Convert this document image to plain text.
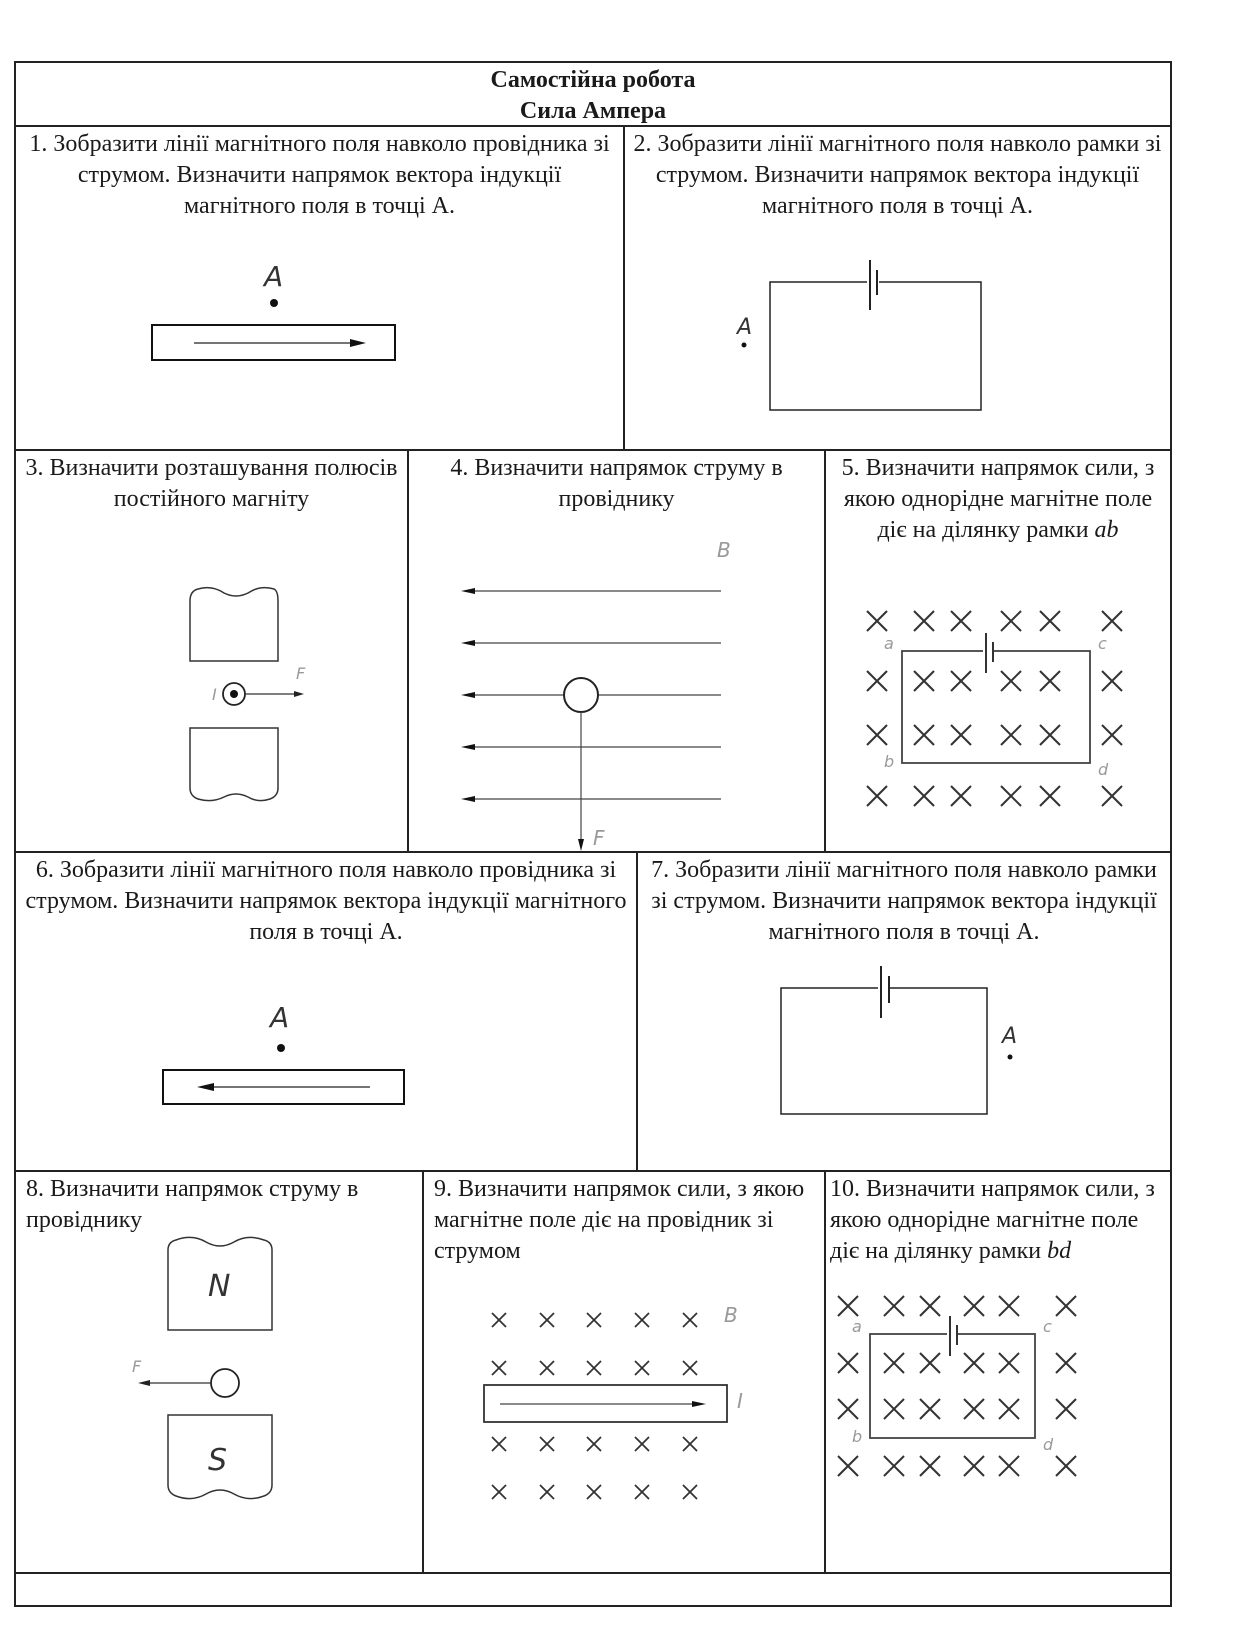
Самостійна робота
Сила Ампера
1. Зобразити лінії магнітного поля навколо провідника зі струмом. Визначити напрямок вектора індукції магнітного поля в точці А.
A
2. Зобразити лінії магнітного поля навколо рамки зі струмом. Визначити напрямок вектора індукції магнітного поля в точці А.
A
3. Визначити розташування полюсів постійного магніту
I
F
4. Визначити напрямок струму в провіднику
B
F
5. Визначити напрямок сили, з якою однорідне магнітне поле діє на ділянку рамки ab
a	c
b	d
6. Зобразити лінії магнітного поля навколо провідника зі струмом. Визначити напрямок вектора індукції магнітного поля в точці А.
A
7. Зобразити лінії магнітного поля навколо рамки зі струмом. Визначити напрямок вектора індукції магнітного поля в точці А.
A
8. Визначити напрямок струму в провіднику
N
S
F
9. Визначити напрямок сили, з якою магнітне поле діє на провідник зі струмом
B
I
10. Визначити напрямок сили, з якою однорідне магнітне поле діє на ділянку рамки bd
a	c
b	d
